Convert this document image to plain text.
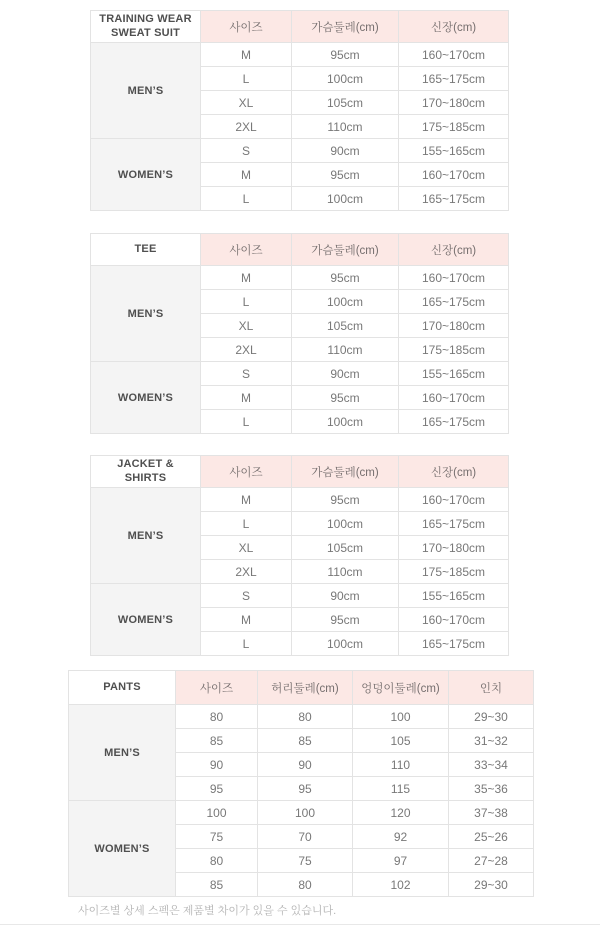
TRAINING WEAR SWEAT SUIT	사이즈	가슴둘레(cm)	신장(cm)
MEN’S	M	95cm	160~170cm
	L	100cm	165~175cm
	XL	105cm	170~180cm
	2XL	110cm	175~185cm
WOMEN’S	S	90cm	155~165cm
	M	95cm	160~170cm
	L	100cm	165~175cm
TEE	사이즈	가슴둘레(cm)	신장(cm)
MEN’S	M	95cm	160~170cm
	L	100cm	165~175cm
	XL	105cm	170~180cm
	2XL	110cm	175~185cm
WOMEN’S	S	90cm	155~165cm
	M	95cm	160~170cm
	L	100cm	165~175cm
JACKET & SHIRTS	사이즈	가슴둘레(cm)	신장(cm)
MEN’S	M	95cm	160~170cm
	L	100cm	165~175cm
	XL	105cm	170~180cm
	2XL	110cm	175~185cm
WOMEN’S	S	90cm	155~165cm
	M	95cm	160~170cm
	L	100cm	165~175cm
PANTS	사이즈	허리둘레(cm)	엉덩이둘레(cm)	인치
MEN’S	80	80	100	29~30
	85	85	105	31~32
	90	90	110	33~34
	95	95	115	35~36
WOMEN’S	100	100	120	37~38
	75	70	92	25~26
	80	75	97	27~28
	85	80	102	29~30
사이즈별 상세 스펙은 제품별 차이가 있을 수 있습니다.
